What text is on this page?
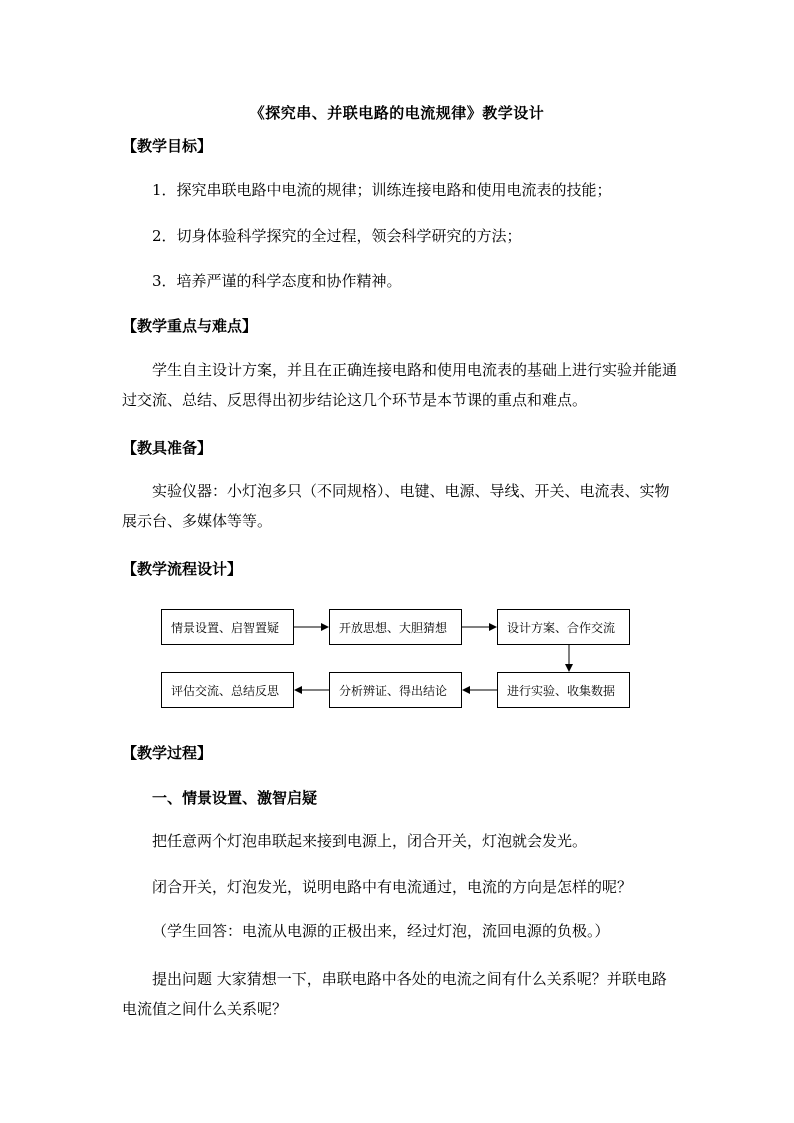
《探究串、并联电路的电流规律》教学设计
【教学目标】
1．探究串联电路中电流的规律；训练连接电路和使用电流表的技能；
2．切身体验科学探究的全过程，领会科学研究的方法；
3．培养严谨的科学态度和协作精神。
【教学重点与难点】
学生自主设计方案，并且在正确连接电路和使用电流表的基础上进行实验并能通过交流、总结、反思得出初步结论这几个环节是本节课的重点和难点。
【教具准备】
实验仪器：小灯泡多只（不同规格）、电键、电源、导线、开关、电流表、实物展示台、多媒体等等。
【教学流程设计】
情景设置、启智置疑	开放思想、大胆猜想	设计方案、合作交流
进行实验、收集数据
分析辨证、得出结论
评估交流、总结反思
【教学过程】
一、情景设置、激智启疑
把任意两个灯泡串联起来接到电源上，闭合开关，灯泡就会发光。
闭合开关，灯泡发光，说明电路中有电流通过，电流的方向是怎样的呢？
（学生回答：电流从电源的正极出来，经过灯泡，流回电源的负极。）
提出问题 大家猜想一下，串联电路中各处的电流之间有什么关系呢？并联电路电流值之间什么关系呢？
